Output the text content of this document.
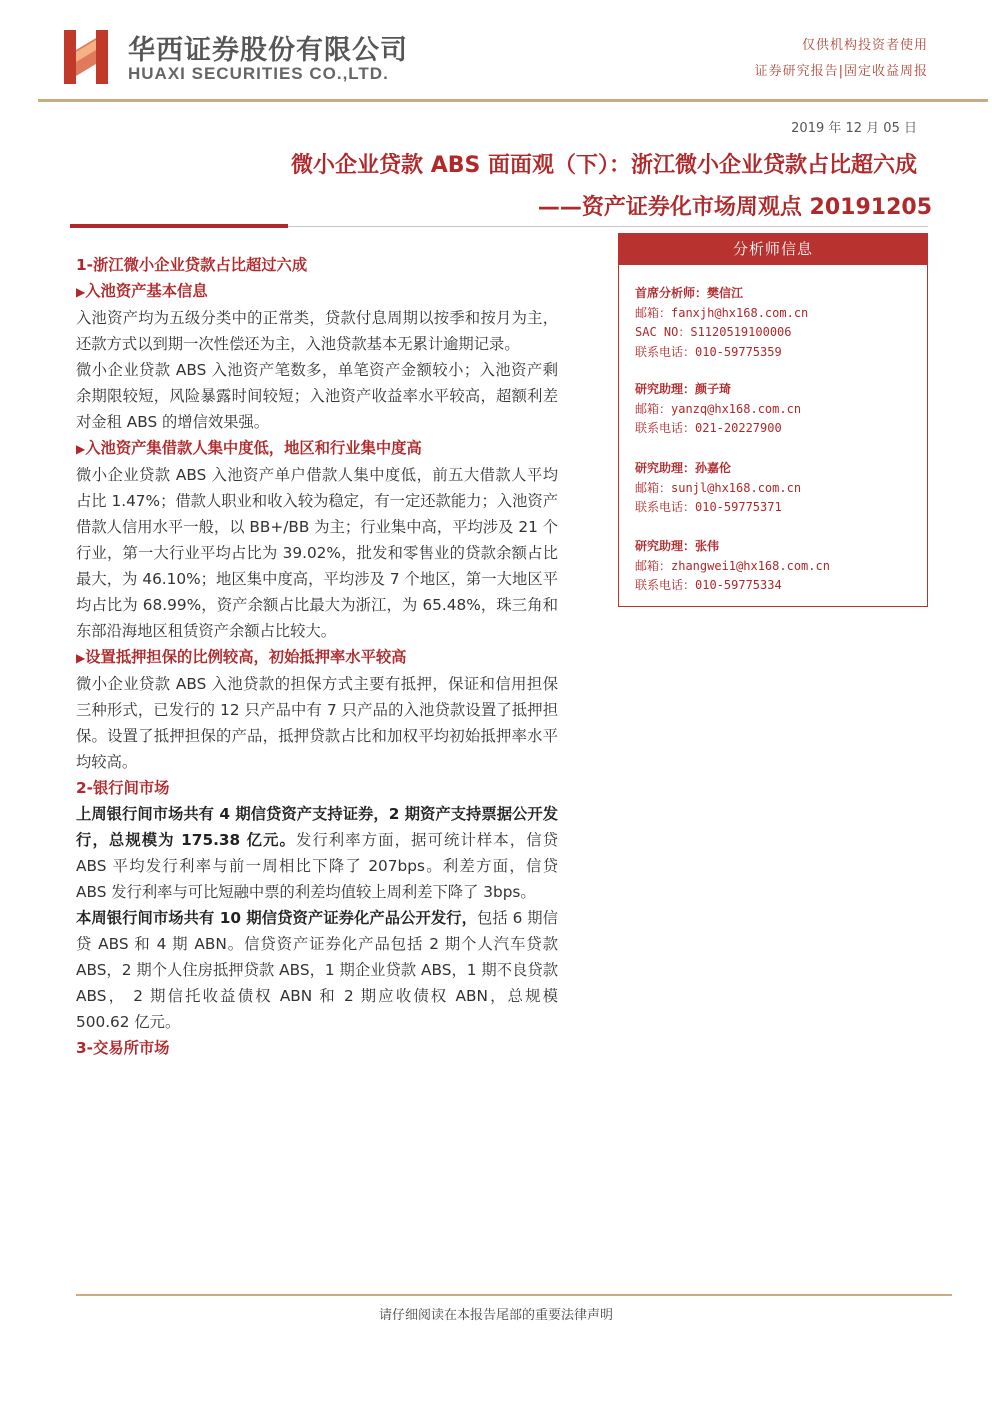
华西证券股份有限公司
HUAXI SECURITIES CO.,LTD.
仅供机构投资者使用
证券研究报告|固定收益周报
2019 年 12 月 05 日
微小企业贷款 ABS 面面观（下）：浙江微小企业贷款占比超六成
——资产证券化市场周观点 20191205
1-浙江微小企业贷款占比超过六成
▶入池资产基本信息

入池资产均为五级分类中的正常类，贷款付息周期以按季和按月为主，还款方式以到期一次性偿还为主，入池贷款基本无累计逾期记录。

微小企业贷款 ABS 入池资产笔数多，单笔资产金额较小；入池资产剩余期限较短，风险暴露时间较短；入池资产收益率水平较高，超额利差对金租 ABS 的增信效果强。

▶入池资产集借款人集中度低，地区和行业集中度高

微小企业贷款 ABS 入池资产单户借款人集中度低，前五大借款人平均占比 1.47%；借款人职业和收入较为稳定，有一定还款能力；入池资产借款人信用水平一般，以 BB+/BB 为主；行业集中高，平均涉及 21 个行业，第一大行业平均占比为 39.02%，批发和零售业的贷款余额占比最大，为 46.10%；地区集中度高，平均涉及 7 个地区，第一大地区平均占比为 68.99%，资产余额占比最大为浙江，为 65.48%，珠三角和东部沿海地区租赁资产余额占比较大。

▶设置抵押担保的比例较高，初始抵押率水平较高

微小企业贷款 ABS 入池贷款的担保方式主要有抵押，保证和信用担保三种形式，已发行的 12 只产品中有 7 只产品的入池贷款设置了抵押担保。设置了抵押担保的产品，抵押贷款占比和加权平均初始抵押率水平均较高。

2-银行间市场

上周银行间市场共有 4 期信贷资产支持证券，2 期资产支持票据公开发行，总规模为 175.38 亿元。发行利率方面，据可统计样本，信贷 ABS 平均发行利率与前一周相比下降了 207bps。利差方面，信贷 ABS 发行利率与可比短融中票的利差均值较上周利差下降了 3bps。

本周银行间市场共有 10 期信贷资产证券化产品公开发行，包括 6 期信贷 ABS 和 4 期 ABN。信贷资产证券化产品包括 2 期个人汽车贷款 ABS，2 期个人住房抵押贷款 ABS，1 期企业贷款 ABS，1 期不良贷款 ABS， 2 期信托收益债权 ABN 和 2 期应收债权 ABN，总规模 500.62 亿元。

3-交易所市场
分析师信息
首席分析师：樊信江
邮箱：fanxjh@hx168.com.cn
SAC NO：S1120519100006
联系电话：010-59775359
研究助理：颜子琦
邮箱：yanzq@hx168.com.cn
联系电话：021-20227900
研究助理：孙嘉伦
邮箱：sunjl@hx168.com.cn
联系电话：010-59775371
研究助理：张伟
邮箱：zhangwei1@hx168.com.cn
联系电话：010-59775334
请仔细阅读在本报告尾部的重要法律声明
